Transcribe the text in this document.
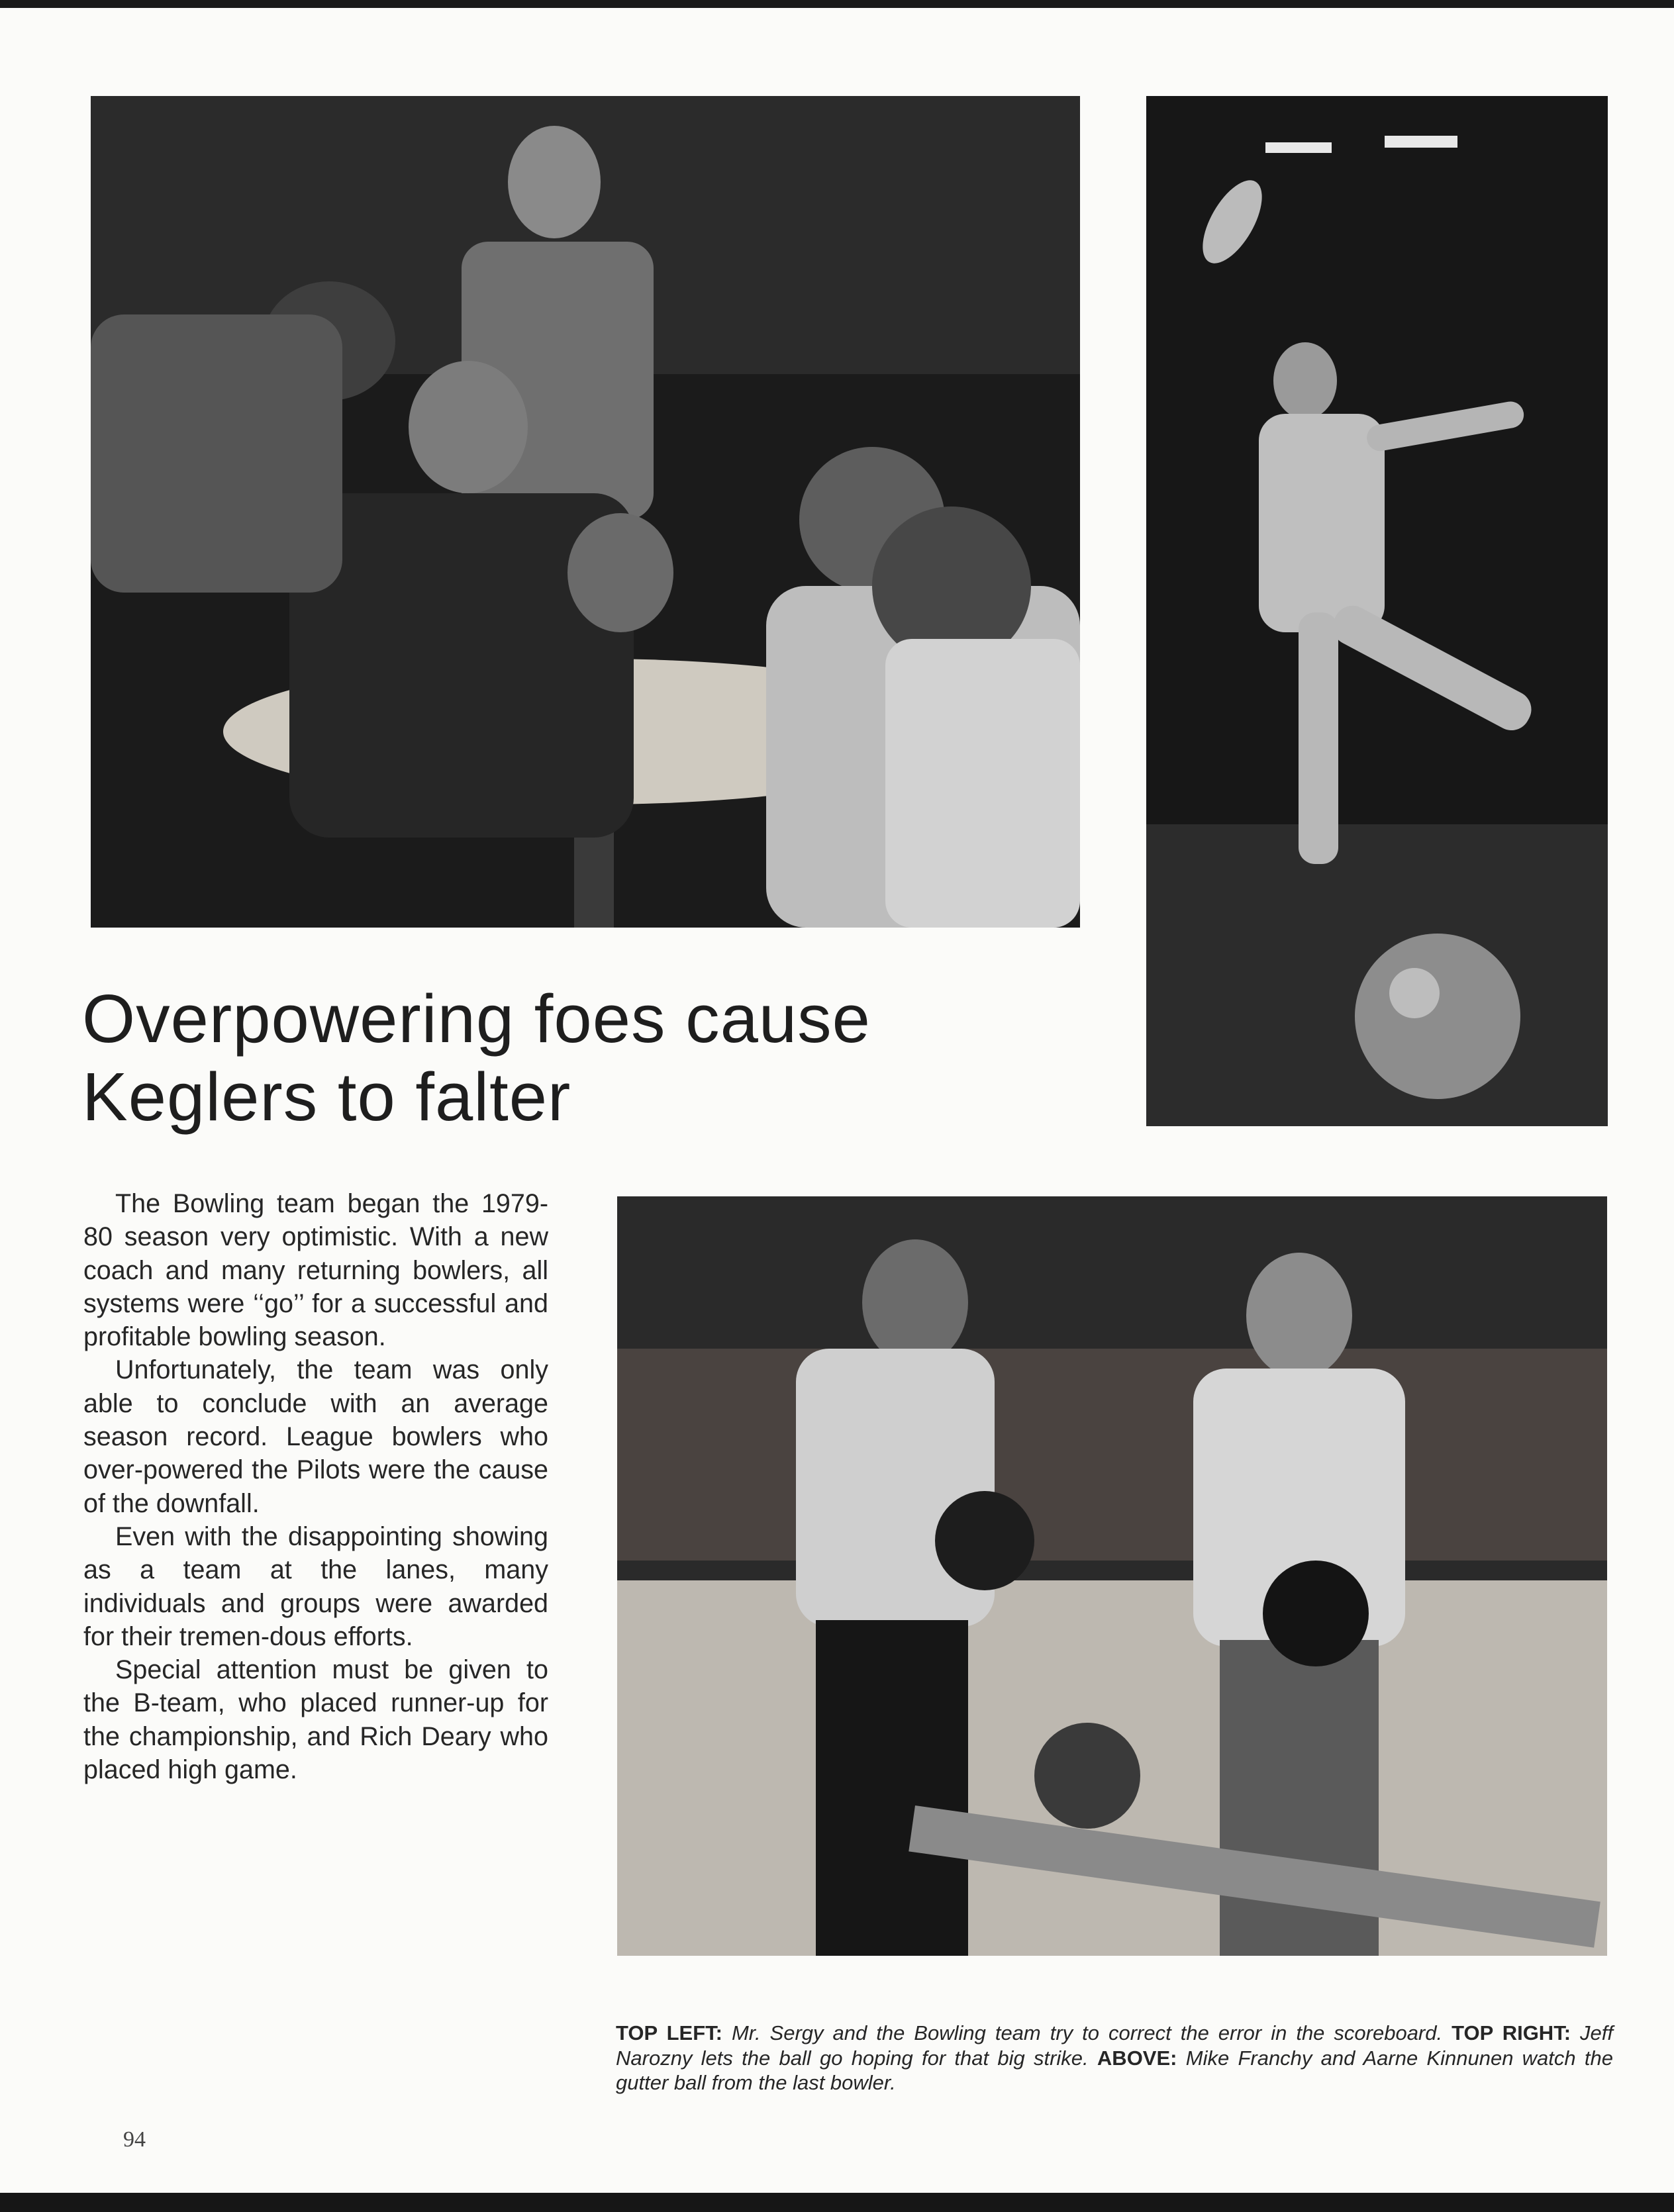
Overpowering foes cause
Keglers to falter

The Bowling team began the 1979-80 season very optimistic. With a new coach and many returning bowlers, all systems were ‘‘go’’ for a successful and profitable bowling season.

Unfortunately, the team was only able to conclude with an average season record. League bowlers who over-powered the Pilots were the cause of the downfall.

Even with the disappointing showing as a team at the lanes, many individuals and groups were awarded for their tremen-dous efforts.

Special attention must be given to the B-team, who placed runner-up for the championship, and Rich Deary who placed high game.

TOP LEFT: Mr. Sergy and the Bowling team try to correct the error in the scoreboard. TOP RIGHT: Jeff Narozny lets the ball go hoping for that big strike. ABOVE: Mike Franchy and Aarne Kinnunen watch the gutter ball from the last bowler.
94
